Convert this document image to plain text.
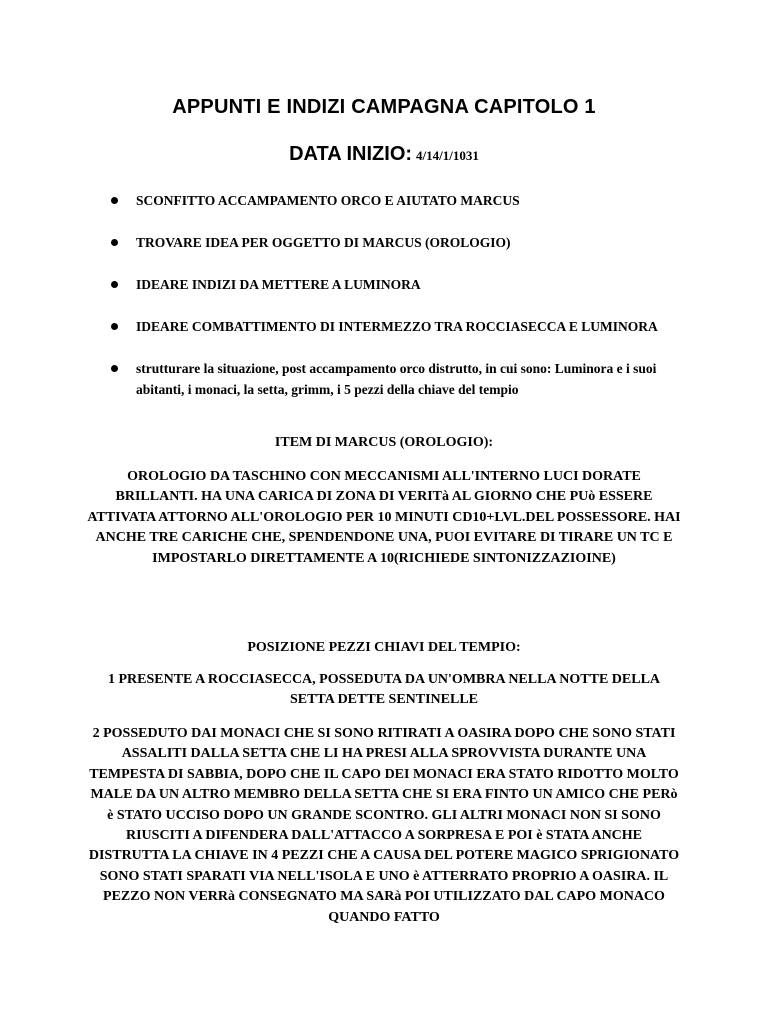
APPUNTI E INDIZI CAMPAGNA CAPITOLO 1

DATA INIZIO: 4/14/1/1031

SCONFITTO ACCAMPAMENTO ORCO E AIUTATO MARCUS
TROVARE IDEA PER OGGETTO DI MARCUS (OROLOGIO)
IDEARE INDIZI DA METTERE A LUMINORA
IDEARE COMBATTIMENTO DI INTERMEZZO TRA ROCCIASECCA E LUMINORA
strutturare la situazione, post accampamento orco distrutto, in cui sono: Luminora e i suoi abitanti, i monaci, la setta, grimm, i 5 pezzi della chiave del tempio

ITEM DI MARCUS (OROLOGIO):

OROLOGIO DA TASCHINO CON MECCANISMI ALL'INTERNO LUCI DORATE BRILLANTI. HA UNA CARICA DI ZONA DI VERITà AL GIORNO CHE PUò ESSERE ATTIVATA ATTORNO ALL'OROLOGIO PER 10 MINUTI CD10+LVL.DEL POSSESSORE. HAI ANCHE TRE CARICHE CHE, SPENDENDONE UNA, PUOI EVITARE DI TIRARE UN TC E IMPOSTARLO DIRETTAMENTE A 10(RICHIEDE SINTONIZZAZIOINE)

POSIZIONE PEZZI CHIAVI DEL TEMPIO:

1 PRESENTE A ROCCIASECCA, POSSEDUTA DA UN'OMBRA NELLA NOTTE DELLA SETTA DETTE SENTINELLE

2 POSSEDUTO DAI MONACI CHE SI SONO RITIRATI A OASIRA DOPO CHE SONO STATI ASSALITI DALLA SETTA CHE LI HA PRESI ALLA SPROVVISTA DURANTE UNA TEMPESTA DI SABBIA, DOPO CHE IL CAPO DEI MONACI ERA STATO RIDOTTO MOLTO MALE DA UN ALTRO MEMBRO DELLA SETTA CHE SI ERA FINTO UN AMICO CHE PERò è STATO UCCISO DOPO UN GRANDE SCONTRO. GLI ALTRI MONACI NON SI SONO RIUSCITI A DIFENDERA DALL'ATTACCO A SORPRESA E POI è STATA ANCHE DISTRUTTA LA CHIAVE IN 4 PEZZI CHE A CAUSA DEL POTERE MAGICO SPRIGIONATO SONO STATI SPARATI VIA NELL'ISOLA E UNO è ATTERRATO PROPRIO A OASIRA. IL PEZZO NON VERRà CONSEGNATO MA SARà POI UTILIZZATO DAL CAPO MONACO QUANDO FATTO
